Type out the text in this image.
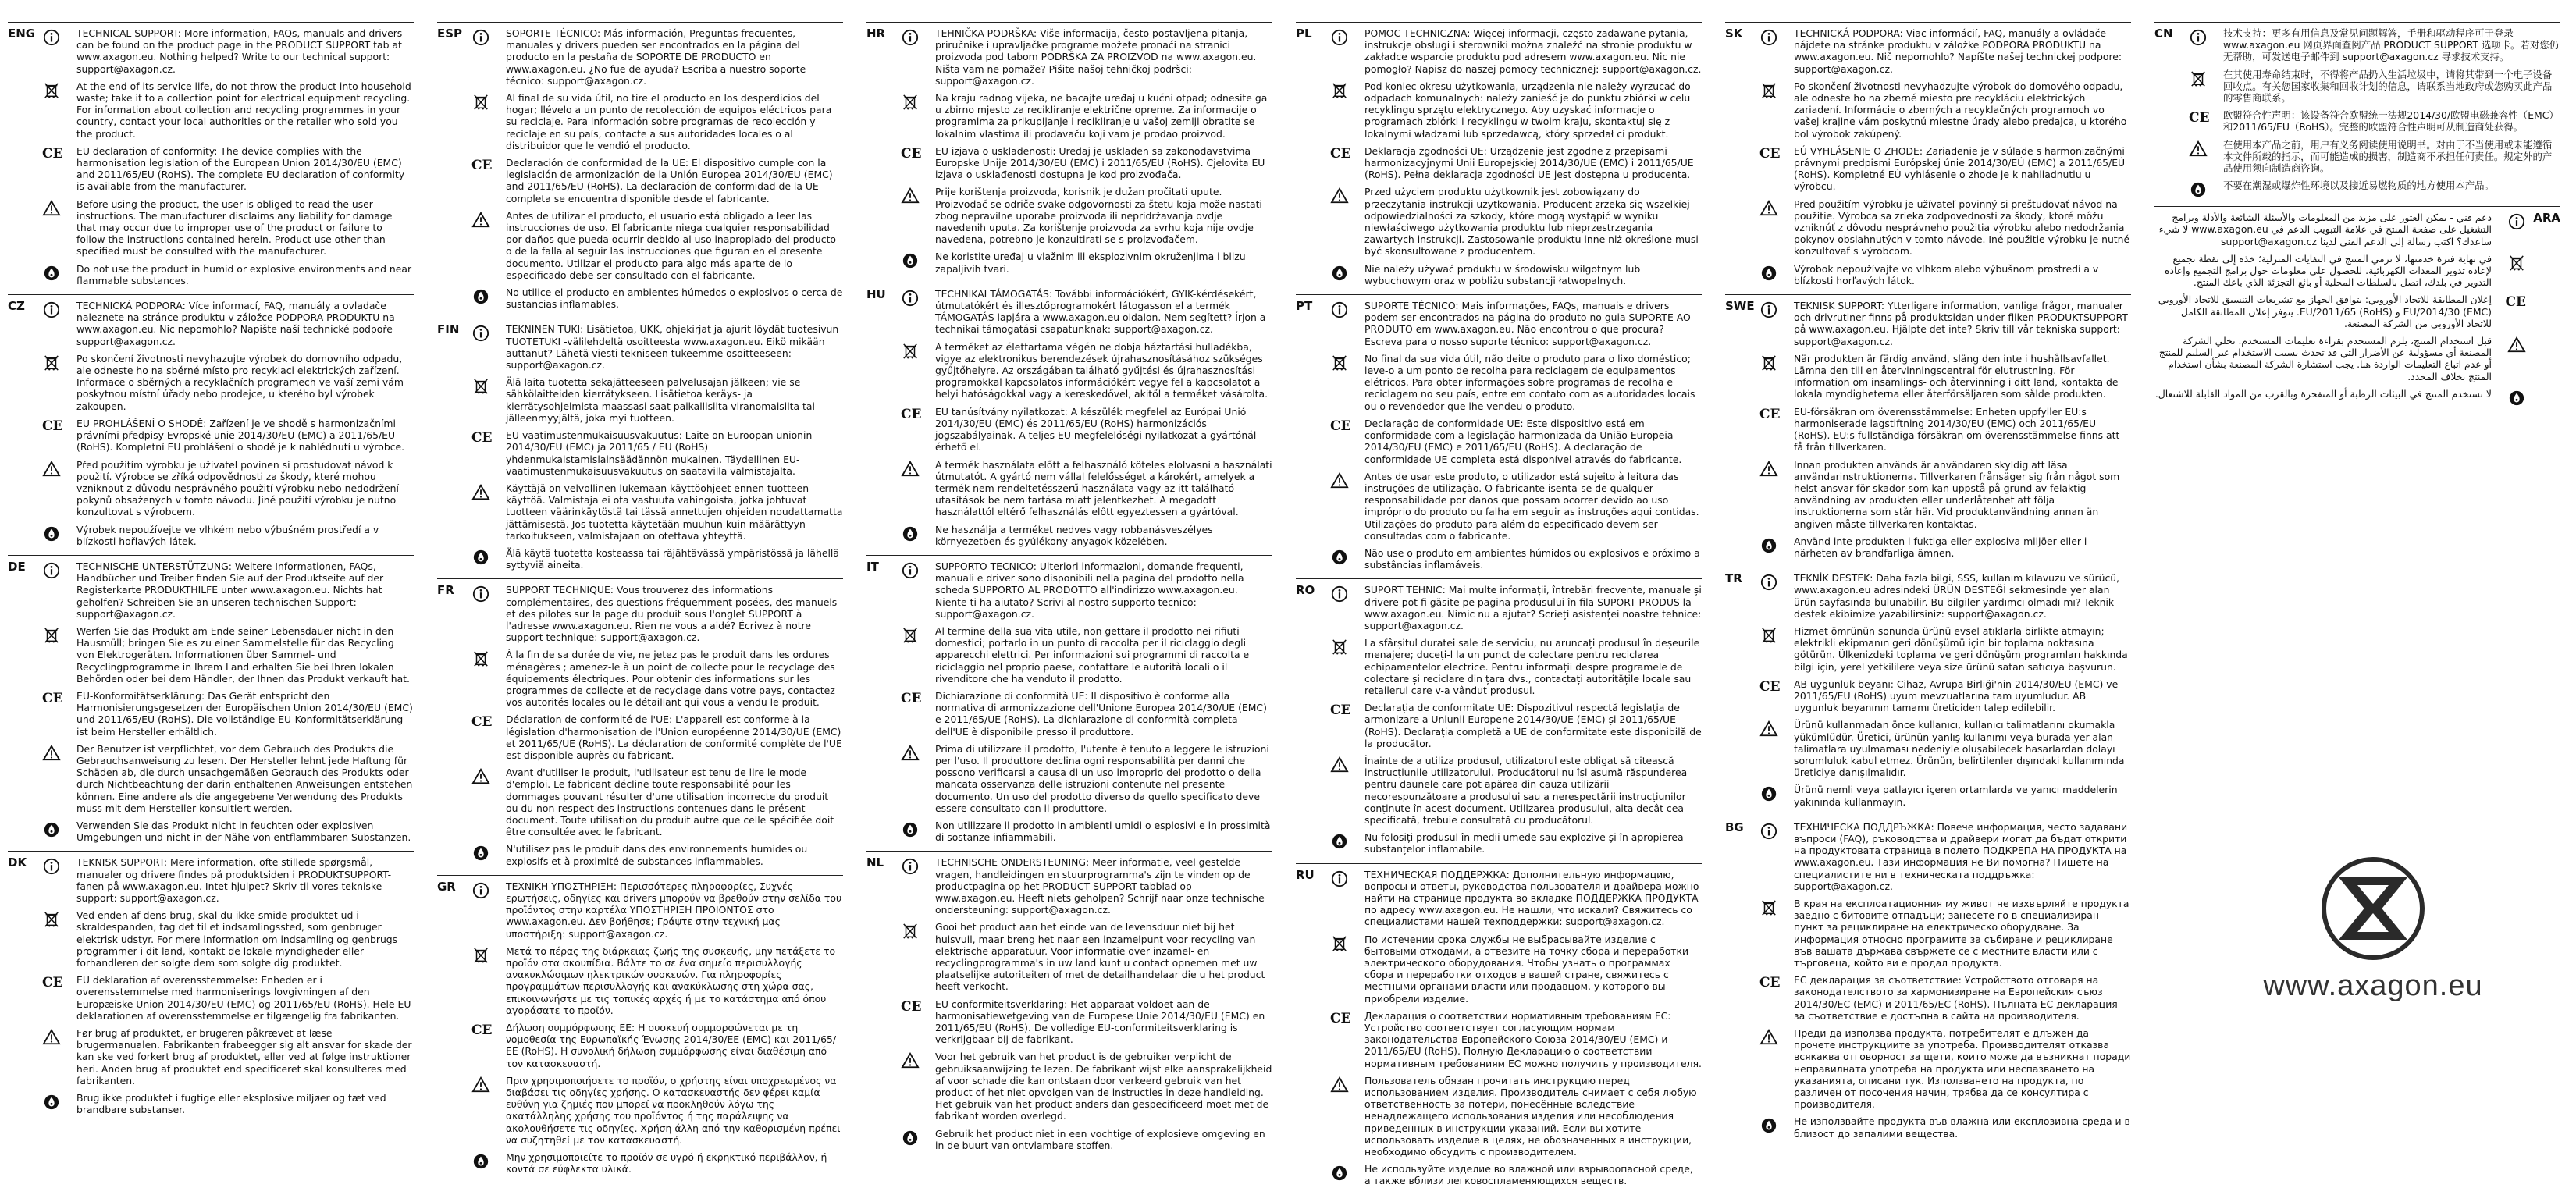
ENG	TECHNICAL SUPPORT: More information, FAQs, manuals and drivers can be found on the product page in the PRODUCT SUPPORT tab at www.axagon.eu. Nothing helped? Write to our technical support: support@axagon.cz.
At the end of its service life, do not throw the product into household waste; take it to a collection point for electrical equipment recycling. For information about collection and recycling programmes in your country, contact your local authorities or the retailer who sold you the product.
CE EU declaration of conformity: The device complies with the harmonisation legislation of the European Union 2014/30/EU (EMC) and 2011/65/EU (RoHS). The complete EU declaration of conformity is available from the manufacturer.
Before using the product, the user is obliged to read the user instructions. The manufacturer disclaims any liability for damage that may occur due to improper use of the product or failure to follow the instructions contained herein. Product use other than specified must be consulted with the manufacturer.
Do not use the product in humid or explosive environments and near flammable substances.
CZ	TECHNICKÁ PODPORA: Více informací, FAQ, manuály a ovladače naleznete na stránce produktu v záložce PODPORA PRODUKTU na www.axagon.eu. Nic nepomohlo? Napište naší technické podpoře support@axagon.cz.
Po skončení životnosti nevyhazujte výrobek do domovního odpadu, ale odneste ho na sběrné místo pro recyklaci elektrických zařízení. Informace o sběrných a recyklačních programech ve vaší zemi vám poskytnou místní úřady nebo prodejce, u kterého byl výrobek zakoupen.
CE EU PROHLÁŠENÍ O SHODĚ: Zařízení je ve shodě s harmonizačními právními předpisy Evropské unie 2014/30/EU (EMC) a 2011/65/EU (RoHS). Kompletní EU prohlášení o shodě je k nahlédnutí u výrobce.
Před použitím výrobku je uživatel povinen si prostudovat návod k použití. Výrobce se zříká odpovědnosti za škody, které mohou vzniknout z důvodu nesprávného použití výrobku nebo nedodržení pokynů obsažených v tomto návodu. Jiné použití výrobku je nutno konzultovat s výrobcem.
Výrobek nepoužívejte ve vlhkém nebo výbušném prostředí a v blízkosti hořlavých látek.
DE	TECHNISCHE UNTERSTÜTZUNG: Weitere Informationen, FAQs, Handbücher und Treiber finden Sie auf der Produktseite auf der Registerkarte PRODUKTHILFE unter www.axagon.eu. Nichts hat geholfen? Schreiben Sie an unseren technischen Support: support@axagon.cz.
Werfen Sie das Produkt am Ende seiner Lebensdauer nicht in den Hausmüll; bringen Sie es zu einer Sammelstelle für das Recycling von Elektrogeräten. Informationen über Sammel- und Recyclingprogramme in Ihrem Land erhalten Sie bei Ihren lokalen Behörden oder bei dem Händler, der Ihnen das Produkt verkauft hat.
CE EU-Konformitätserklärung: Das Gerät entspricht den Harmonisierungsgesetzen der Europäischen Union 2014/30/EU (EMC) und 2011/65/EU (RoHS). Die vollständige EU-Konformitätserklärung ist beim Hersteller erhältlich.
Der Benutzer ist verpflichtet, vor dem Gebrauch des Produkts die Gebrauchsanweisung zu lesen. Der Hersteller lehnt jede Haftung für Schäden ab, die durch unsachgemäßen Gebrauch des Produkts oder durch Nichtbeachtung der darin enthaltenen Anweisungen entstehen können. Eine andere als die angegebene Verwendung des Produkts muss mit dem Hersteller konsultiert werden.
Verwenden Sie das Produkt nicht in feuchten oder explosiven Umgebungen und nicht in der Nähe von entflammbaren Substanzen.
DK	TEKNISK SUPPORT: Mere information, ofte stillede spørgsmål, manualer og drivere findes på produktsiden i PRODUKTSUPPORT-fanen på www.axagon.eu. Intet hjulpet? Skriv til vores tekniske support: support@axagon.cz.
Ved enden af dens brug, skal du ikke smide produktet ud i skraldespanden, tag det til et indsamlingssted, som genbruger elektrisk udstyr. For mere information om indsamling og genbrugs programmer i dit land, kontakt de lokale myndigheder eller forhandleren der solgte dem som solgte dig produktet.
CE EU deklaration af overensstemmelse: Enheden er i overensstemmelse med harmoniserings lovgivningen af den Europæiske Union 2014/30/EU (EMC) og 2011/65/EU (RoHS). Hele EU deklarationen af overensstemmelse er tilgængelig fra fabrikanten.
Før brug af produktet, er brugeren påkrævet at læse brugermanualen. Fabrikanten frabeegger sig alt ansvar for skade der kan ske ved forkert brug af produktet, eller ved at følge instruktioner heri. Anden brug af produktet end specificeret skal konsulteres med fabrikanten.
Brug ikke produktet i fugtige eller eksplosive miljøer og tæt ved brandbare substanser.
ESP	SOPORTE TÉCNICO: Más información, Preguntas frecuentes, manuales y drivers pueden ser encontrados en la página del producto en la pestaña de SOPORTE DE PRODUCTO en www.axagon.eu. ¿No fue de ayuda? Escriba a nuestro soporte técnico: support@axagon.cz.
Al final de su vida útil, no tire el producto en los desperdicios del hogar; llévelo a un punto de recolección de equipos eléctricos para su reciclaje. Para información sobre programas de recolección y reciclaje en su país, contacte a sus autoridades locales o al distribuidor que le vendió el producto.
CE Declaración de conformidad de la UE: El dispositivo cumple con la legislación de armonización de la Unión Europea 2014/30/EU (EMC) and 2011/65/EU (RoHS). La declaración de conformidad de la UE completa se encuentra disponible desde el fabricante.
Antes de utilizar el producto, el usuario está obligado a leer las instrucciones de uso. El fabricante niega cualquier responsabilidad por daños que pueda ocurrir debido al uso inapropiado del producto o de la falla al seguir las instrucciones que figuran en el presente documento. Utilizar el producto para algo más aparte de lo especificado debe ser consultado con el fabricante.
No utilice el producto en ambientes húmedos o explosivos o cerca de sustancias inflamables.
FIN	TEKNINEN TUKI: Lisätietoa, UKK, ohjekirjat ja ajurit löydät tuotesivun TUOTETUKI -välilehdeltä osoitteesta www.axagon.eu. Eikö mikään auttanut? Lähetä viesti tekniseen tukeemme osoitteeseen: support@axagon.cz.
Älä laita tuotetta sekajätteeseen palvelusajan jälkeen; vie se sähkölaitteiden kierrätykseen. Lisätietoa keräys- ja kierrätysohjelmista maassasi saat paikallisilta viranomaisilta tai jälleenmyyjältä, joka myi tuotteen.
CE EU-vaatimustenmukaisuusvakuutus: Laite on Euroopan unionin 2014/30/EU (EMC) ja 2011/65 / EU (RoHS) yhdenmukaistamislainsäädännön mukainen. Täydellinen EU-vaatimustenmukaisuusvakuutus on saatavilla valmistajalta.
Käyttäjä on velvollinen lukemaan käyttöohjeet ennen tuotteen käyttöä. Valmistaja ei ota vastuuta vahingoista, jotka johtuvat tuotteen väärinkäytöstä tai tässä annettujen ohjeiden noudattamatta jättämisestä. Jos tuotetta käytetään muuhun kuin määrättyyn tarkoitukseen, valmistajaan on otettava yhteyttä.
Älä käytä tuotetta kosteassa tai räjähtävässä ympäristössä ja lähellä syttyviä aineita.
FR	SUPPORT TECHNIQUE: Vous trouverez des informations complémentaires, des questions fréquemment posées, des manuels et des pilotes sur la page du produit sous l'onglet SUPPORT à l'adresse www.axagon.eu. Rien ne vous a aidé? Écrivez à notre support technique: support@axagon.cz.
À la fin de sa durée de vie, ne jetez pas le produit dans les ordures ménagères ; amenez-le à un point de collecte pour le recyclage des équipements électriques. Pour obtenir des informations sur les programmes de collecte et de recyclage dans votre pays, contactez vos autorités locales ou le détaillant qui vous a vendu le produit.
CE Déclaration de conformité de l'UE: L'appareil est conforme à la législation d'harmonisation de l'Union européenne 2014/30/UE (EMC) et 2011/65/UE (RoHS). La déclaration de conformité complète de l'UE est disponible auprès du fabricant.
Avant d'utiliser le produit, l'utilisateur est tenu de lire le mode d'emploi. Le fabricant décline toute responsabilité pour les dommages pouvant résulter d'une utilisation incorrecte du produit ou du non-respect des instructions contenues dans le présent document. Toute utilisation du produit autre que celle spécifiée doit être consultée avec le fabricant.
N'utilisez pas le produit dans des environnements humides ou explosifs et à proximité de substances inflammables.
GR	ΤΕΧΝΙΚΗ ΥΠΟΣΤΗΡΙΞΗ: Περισσότερες πληροφορίες, Συχνές ερωτήσεις, οδηγίες και drivers μπορούν να βρεθούν στην σελίδα του προϊόντος στην καρτέλα ΥΠΟΣΤΗΡΙΞΗ ΠΡΟΙΟΝΤΟΣ στο www.axagon.eu. Δεν βοήθησε; Γράψτε στην τεχνική μας υποστήριξη: support@axagon.cz.
Μετά το πέρας της διάρκειας ζωής της συσκευής, μην πετάξετε το προϊόν στα σκουπίδια. Βάλτε το σε ένα σημείο περισυλλογής ανακυκλώσιμων ηλεκτρικών συσκευών. Για πληροφορίες προγραμμάτων περισυλλογής και ανακύκλωσης στη χώρα σας, επικοινωνήστε με τις τοπικές αρχές ή με το κατάστημα από όπου αγοράσατε το προϊόν.
CE Δήλωση συμμόρφωσης ΕΕ: Η συσκευή συμμορφώνεται με τη νομοθεσία της Ευρωπαϊκής Ένωσης 2014/30/ΕΕ (EMC) και 2011/65/ΕΕ (RoHS). Η συνολική δήλωση συμμόρφωσης είναι διαθέσιμη από τον κατασκευαστή.
Πριν χρησιμοποιήσετε το προϊόν, ο χρήστης είναι υποχρεωμένος να διαβάσει τις οδηγίες χρήσης. Ο κατασκευαστής δεν φέρει καμία ευθύνη για ζημιές που μπορεί να προκληθούν λόγω της ακατάλληλης χρήσης του προϊόντος ή της παράλειψης να ακολουθήσετε τις οδηγίες. Χρήση άλλη από την καθορισμένη πρέπει να συζητηθεί με τον κατασκευαστή.
Μην χρησιμοποιείτε το προϊόν σε υγρό ή εκρηκτικό περιβάλλον, ή κοντά σε εύφλεκτα υλικά.
HR	TEHNIČKA PODRŠKA: Više informacija, često postavljena pitanja, priručnike i upravljačke programe možete pronaći na stranici proizvoda pod tabom PODRŠKA ZA PROIZVOD na www.axagon.eu. Ništa vam ne pomaže? Pišite našoj tehničkoj podršci: support@axagon.cz.
Na kraju radnog vijeka, ne bacajte uređaj u kućni otpad; odnesite ga u zbirno mjesto za recikliranje električne opreme. Za informacije o programima za prikupljanje i recikliranje u vašoj zemlji obratite se lokalnim vlastima ili prodavaču koji vam je prodao proizvod.
CE EU izjava o usklađenosti: Uređaj je usklađen sa zakonodavstvima Europske Unije 2014/30/EU (EMC) i 2011/65/EU (RoHS). Cjelovita EU izjava o usklađenosti dostupna je kod proizvođača.
Prije korištenja proizvoda, korisnik je dužan pročitati upute. Proizvođač se odriče svake odgovornosti za štetu koja može nastati zbog nepravilne uporabe proizvoda ili nepridržavanja ovdje navedenih uputa. Za korištenje proizvoda za svrhu koja nije ovdje navedena, potrebno je konzultirati se s proizvođačem.
Ne koristite uređaj u vlažnim ili eksplozivnim okruženjima i blizu zapaljivih tvari.
HU	TECHNIKAI TÁMOGATÁS: További információkért, GYIK-kérdésekért, útmutatókért és illesztőprogramokért látogasson el a termék TÁMOGATÁS lapjára a www.axagon.eu oldalon. Nem segített? Írjon a technikai támogatási csapatunknak: support@axagon.cz.
A terméket az élettartama végén ne dobja háztartási hulladékba, vigye az elektronikus berendezések újrahasznosításához szükséges gyűjtőhelyre. Az országában található gyűjtési és újrahasznosítási programokkal kapcsolatos információkért vegye fel a kapcsolatot a helyi hatóságokkal vagy a kereskedővel, akitől a terméket vásárolta.
CE EU tanúsítvány nyilatkozat: A készülék megfelel az Európai Unió 2014/30/EU (EMC) és 2011/65/EU (RoHS) harmonizációs jogszabályainak. A teljes EU megfelelőségi nyilatkozat a gyártónál érhető el.
A termék használata előtt a felhasználó köteles elolvasni a használati útmutatót. A gyártó nem vállal felelősséget a károkért, amelyek a termék nem rendeltetésszerű használata vagy az itt található utasítások be nem tartása miatt jelentkezhet. A megadott használattól eltérő felhasználás előtt egyeztessen a gyártóval.
Ne használja a terméket nedves vagy robbanásveszélyes környezetben és gyúlékony anyagok közelében.
IT	SUPPORTO TECNICO: Ulteriori informazioni, domande frequenti, manuali e driver sono disponibili nella pagina del prodotto nella scheda SUPPORTO AL PRODOTTO all'indirizzo www.axagon.eu. Niente ti ha aiutato? Scrivi al nostro supporto tecnico: support@axagon.cz.
Al termine della sua vita utile, non gettare il prodotto nei rifiuti domestici; portarlo in un punto di raccolta per il riciclaggio degli apparecchi elettrici. Per informazioni sui programmi di raccolta e riciclaggio nel proprio paese, contattare le autorità locali o il rivenditore che ha venduto il prodotto.
CE Dichiarazione di conformità UE: Il dispositivo è conforme alla normativa di armonizzazione dell'Unione Europea 2014/30/UE (EMC) e 2011/65/UE (RoHS). La dichiarazione di conformità completa dell'UE è disponibile presso il produttore.
Prima di utilizzare il prodotto, l'utente è tenuto a leggere le istruzioni per l'uso. Il produttore declina ogni responsabilità per danni che possono verificarsi a causa di un uso improprio del prodotto o della mancata osservanza delle istruzioni contenute nel presente documento. Un uso del prodotto diverso da quello specificato deve essere consultato con il produttore.
Non utilizzare il prodotto in ambienti umidi o esplosivi e in prossimità di sostanze infiammabili.
NL	TECHNISCHE ONDERSTEUNING: Meer informatie, veel gestelde vragen, handleidingen en stuurprogramma's zijn te vinden op de productpagina op het PRODUCT SUPPORT-tabblad op www.axagon.eu. Heeft niets geholpen? Schrijf naar onze technische ondersteuning: support@axagon.cz.
Gooi het product aan het einde van de levensduur niet bij het huisvuil, maar breng het naar een inzamelpunt voor recycling van elektrische apparatuur. Voor informatie over inzamel- en recyclingprogramma's in uw land kunt u contact opnemen met uw plaatselijke autoriteiten of met de detailhandelaar die u het product heeft verkocht.
CE EU conformiteitsverklaring: Het apparaat voldoet aan de harmonisatiewetgeving van de Europese Unie 2014/30/EU (EMC) en 2011/65/EU (RoHS). De volledige EU-conformiteitsverklaring is verkrijgbaar bij de fabrikant.
Voor het gebruik van het product is de gebruiker verplicht de gebruiksaanwijzing te lezen. De fabrikant wijst elke aansprakelijkheid af voor schade die kan ontstaan door verkeerd gebruik van het product of het niet opvolgen van de instructies in deze handleiding. Het gebruik van het product anders dan gespecificeerd moet met de fabrikant worden overlegd.
Gebruik het product niet in een vochtige of explosieve omgeving en in de buurt van ontvlambare stoffen.
PL	POMOC TECHNICZNA: Więcej informacji, często zadawane pytania, instrukcje obsługi i sterowniki można znaleźć na stronie produktu w zakładce wsparcie produktu pod adresem www.axagon.eu. Nic nie pomogło? Napisz do naszej pomocy technicznej: support@axagon.cz.
Pod koniec okresu użytkowania, urządzenia nie należy wyrzucać do odpadach komunalnych: należy zanieść je do punktu zbiórki w celu recyklingu sprzętu elektrycznego. Aby uzyskać informacje o programach zbiórki i recyklingu w twoim kraju, skontaktuj się z lokalnymi władzami lub sprzedawcą, który sprzedał ci produkt.
CE Deklaracja zgodności UE: Urządzenie jest zgodne z przepisami harmonizacyjnymi Unii Europejskiej 2014/30/UE (EMC) i 2011/65/UE (RoHS). Pełna deklaracja zgodności UE jest dostępna u producenta.
Przed użyciem produktu użytkownik jest zobowiązany do przeczytania instrukcji użytkowania. Producent zrzeka się wszelkiej odpowiedzialności za szkody, które mogą wystąpić w wyniku niewłaściwego użytkowania produktu lub nieprzestrzegania zawartych instrukcji. Zastosowanie produktu inne niż określone musi być skonsultowane z producentem.
Nie należy używać produktu w środowisku wilgotnym lub wybuchowym oraz w pobliżu substancji łatwopalnych.
PT	SUPORTE TÉCNICO: Mais informações, FAQs, manuais e drivers podem ser encontrados na página do produto no guia SUPORTE AO PRODUTO em www.axagon.eu. Não encontrou o que procura? Escreva para o nosso suporte técnico: support@axagon.cz.
No final da sua vida útil, não deite o produto para o lixo doméstico; leve-o a um ponto de recolha para reciclagem de equipamentos elétricos. Para obter informações sobre programas de recolha e reciclagem no seu país, entre em contato com as autoridades locais ou o revendedor que lhe vendeu o produto.
CE Declaração de conformidade UE: Este dispositivo está em conformidade com a legislação harmonizada da União Europeia 2014/30/EU (EMC) e 2011/65/EU (RoHS). A declaração de conformidade UE completa está disponível através do fabricante.
Antes de usar este produto, o utilizador está sujeito à leitura das instruções de utilização. O fabricante isenta-se de qualquer responsabilidade por danos que possam ocorrer devido ao uso impróprio do produto ou falha em seguir as instruções aqui contidas. Utilizações do produto para além do especificado devem ser consultadas com o fabricante.
Não use o produto em ambientes húmidos ou explosivos e próximo a substâncias inflamáveis.
RO	SUPORT TEHNIC: Mai multe informații, întrebări frecvente, manuale și drivere pot fi găsite pe pagina produsului în fila SUPORT PRODUS la www.axagon.eu. Nimic nu a ajutat? Scrieți asistenței noastre tehnice: support@axagon.cz.
La sfârșitul duratei sale de serviciu, nu aruncați produsul în deșeurile menajere; duceți-l la un punct de colectare pentru reciclarea echipamentelor electrice. Pentru informații despre programele de colectare și reciclare din țara dvs., contactați autoritățile locale sau retailerul care v-a vândut produsul.
CE Declarația de conformitate UE: Dispozitivul respectă legislația de armonizare a Uniunii Europene 2014/30/UE (EMC) și 2011/65/UE (RoHS). Declarația completă a UE de conformitate este disponibilă de la producător.
Înainte de a utiliza produsul, utilizatorul este obligat să citească instrucțiunile utilizatorului. Producătorul nu își asumă răspunderea pentru daunele care pot apărea din cauza utilizării necorespunzătoare a produsului sau a nerespectării instrucțiunilor conținute în acest document. Utilizarea produsului, alta decât cea specificată, trebuie consultată cu producătorul.
Nu folosiți produsul în medii umede sau explozive și în apropierea substanțelor inflamabile.
RU	ТЕХНИЧЕСКАЯ ПОДДЕРЖКА: Дополнительную информацию, вопросы и ответы, руководства пользователя и драйвера можно найти на странице продукта во вкладке ПОДДЕРЖКА ПРОДУКТА по адресу www.axagon.eu. Не нашли, что искали? Свяжитесь со специалистами нашей техподдержки: support@axagon.cz.
По истечении срока службы не выбрасывайте изделие с бытовыми отходами, а отвезите на точку сбора и переработки электрического оборудования. Чтобы узнать о программах сбора и переработки отходов в вашей стране, свяжитесь с местными органами власти или продавцом, у которого вы приобрели изделие.
CE Декларация о соответствии нормативным требованиям ЕС: Устройство соответствует согласующим нормам законодательства Европейского Союза 2014/30/EU (EMC) и 2011/65/EU (RoHS). Полную Декларацию о соответствии нормативным требованиям ЕС можно получить у производителя.
Пользователь обязан прочитать инструкцию перед использованием изделия. Производитель снимает с себя любую ответственность за потери, понесённые вследствие ненадлежащего использования изделия или несоблюдения приведенных в инструкции указаний. Если вы хотите использовать изделие в целях, не обозначенных в инструкции, необходимо обсудить с производителем.
Не используйте изделие во влажной или взрывоопасной среде, а также вблизи легковоспламеняющихся веществ.
SK	TECHNICKÁ PODPORA: Viac informácií, FAQ, manuály a ovládače nájdete na stránke produktu v záložke PODPORA PRODUKTU na www.axagon.eu. Nič nepomohlo? Napíšte našej technickej podpore: support@axagon.cz.
Po skončení životnosti nevyhadzujte výrobok do domového odpadu, ale odneste ho na zberné miesto pre recykláciu elektrických zariadení. Informácie o zberných a recyklačných programoch vo vašej krajine vám poskytnú miestne úrady alebo predajca, u ktorého bol výrobok zakúpený.
CE EÚ VYHLÁSENIE O ZHODE: Zariadenie je v súlade s harmonizačnými právnymi predpismi Európskej únie 2014/30/EÚ (EMC) a 2011/65/EÚ (RoHS). Kompletné EÚ vyhlásenie o zhode je k nahliadnutiu u výrobcu.
Pred použitím výrobku je užívateľ povinný si preštudovať návod na použitie. Výrobca sa zrieka zodpovednosti za škody, ktoré môžu vzniknúť z dôvodu nesprávneho použitia výrobku alebo nedodržania pokynov obsiahnutých v tomto návode. Iné použitie výrobku je nutné konzultovať s výrobcom.
Výrobok nepoužívajte vo vlhkom alebo výbušnom prostredí a v blízkosti horľavých látok.
SWE	TEKNISK SUPPORT: Ytterligare information, vanliga frågor, manualer och drivrutiner finns på produktsidan under fliken PRODUKTSUPPORT på www.axagon.eu. Hjälpte det inte? Skriv till vår tekniska support: support@axagon.cz.
När produkten är färdig använd, släng den inte i hushållsavfallet. Lämna den till en återvinningscentral för elutrustning. För information om insamlings- och återvinning i ditt land, kontakta de lokala myndigheterna eller återförsäljaren som sålde produkten.
CE EU-försäkran om överensstämmelse: Enheten uppfyller EU:s harmoniserade lagstiftning 2014/30/EU (EMC) och 2011/65/EU (RoHS). EU:s fullständiga försäkran om överensstämmelse finns att få från tillverkaren.
Innan produkten används är användaren skyldig att läsa användarinstruktionerna. Tillverkaren frånsäger sig från något som helst ansvar för skador som kan uppstå på grund av felaktig användning av produkten eller underlåtenhet att följa instruktionerna som står här. Vid produktanvändning annan än angiven måste tillverkaren kontaktas.
Använd inte produkten i fuktiga eller explosiva miljöer eller i närheten av brandfarliga ämnen.
TR	TEKNİK DESTEK: Daha fazla bilgi, SSS, kullanım kılavuzu ve sürücü, www.axagon.eu adresindeki ÜRÜN DESTEĞİ sekmesinde yer alan ürün sayfasında bulunabilir. Bu bilgiler yardımcı olmadı mı? Teknik destek ekibimize yazabilirsiniz: support@axagon.cz.
Hizmet ömrünün sonunda ürünü evsel atıklarla birlikte atmayın; elektrikli ekipmanın geri dönüşümü için bir toplama noktasına götürün. Ülkenizdeki toplama ve geri dönüşüm programları hakkında bilgi için, yerel yetkililere veya size ürünü satan satıcıya başvurun.
CE AB uygunluk beyanı: Cihaz, Avrupa Birliği'nin 2014/30/EU (EMC) ve 2011/65/EU (RoHS) uyum mevzuatlarına tam uyumludur. AB uygunluk beyanının tamamı üreticiden talep edilebilir.
Ürünü kullanmadan önce kullanıcı, kullanıcı talimatlarını okumakla yükümlüdür. Üretici, ürünün yanlış kullanımı veya burada yer alan talimatlara uyulmaması nedeniyle oluşabilecek hasarlardan dolayı sorumluluk kabul etmez. Ürünün, belirtilenler dışındaki kullanımında üreticiye danışılmalıdır.
Ürünü nemli veya patlayıcı içeren ortamlarda ve yanıcı maddelerin yakınında kullanmayın.
BG	ТЕХНИЧЕСКА ПОДДРЪЖКА: Повече информация, често задавани въпроси (FAQ), ръководства и драйвери могат да бъдат открити на продуктовата страница в полето ПОДКРЕПА НА ПРОДУКТА на www.axagon.eu. Тази информация не Ви помогна? Пишете на специалистите ни в техническата поддръжка: support@axagon.cz.
В края на експлоатационния му живот не изхвърляйте продукта заедно с битовите отпадъци; занесете го в специализиран пункт за рециклиране на електрическо оборудване. За информация относно програмите за събиране и рециклиране във вашата държава свържете се с местните власти или с търговеца, който ви е продал продукта.
CE ЕС декларация за съответствие: Устройството отговаря на законодателството за хармонизиране на Европейския съюз 2014/30/EC (EMC) и 2011/65/EC (RoHS). Пълната ЕС декларация за съответствие е достъпна в сайта на производителя.
Преди да използва продукта, потребителят е длъжен да прочете инструкциите за употреба. Производителят отказва всякаква отговорност за щети, които може да възникнат поради неправилната употреба на продукта или неспазването на указанията, описани тук. Използването на продукта, по различен от посочения начин, трябва да се консултира с производителя.
Не използвайте продукта във влажна или експлозивна среда и в близост до запалими вещества.
CN	技术支持：更多有用信息及常见问题解答，手册和驱动程序可于登录 www.axagon.eu 网页界面查阅产品 PRODUCT SUPPORT 选项卡。若对您仍无帮助，可发送电子邮件到 support@axagon.cz 寻求技术支持。
在其使用寿命结束时，不得将产品扔入生活垃圾中，请将其带到一个电子设备回收点。有关您国家收集和回收计划的信息，请联系当地政府或您购买此产品的零售商联系。
CE 欧盟符合性声明：该设备符合欧盟统一法规2014/30/欧盟电磁兼容性（EMC）和2011/65/EU（RoHS）。完整的欧盟符合性声明可从制造商处获得。
在使用本产品之前，用户有义务阅读使用说明书。对由于不当使用或未能遵循本文件所载的指示，而可能造成的损害，制造商不承担任何责任。规定外的产品使用须向制造商咨询。
不要在潮湿或爆炸性环境以及接近易燃物质的地方使用本产品。
ARA
دعم فني - يمكن العثور على مزيد من المعلومات والأسئلة الشائعة والأدلة وبرامج التشغيل على صفحة المنتج في علامة التبويب الدعم في www.axagon.eu لا شيء ساعدك؟ اكتب رسالة إلى الدعم الفني لدينا support@axagon.cz
في نهاية فترة خدمتها، لا ترمي المنتج في النفايات المنزلية؛ خذه إلى نقطة تجميع لإعادة تدوير المعدات الكهربائية. للحصول على معلومات حول برامج التجميع وإعادة التدوير في بلدك، اتصل بالسلطات المحلية أو بائع التجزئة الذي باعك المنتج.
CE
إعلان المطابقة للاتحاد الأوروبي: يتوافق الجهاز مع تشريعات التنسيق للاتحاد الأوروبي EU/2014/30 (EMC) و EU/2011/65 (RoHS). يتوفر إعلان المطابقة الكامل للاتحاد الأوروبي من الشركة المصنعة.
قبل استخدام المنتج، يلزم المستخدم بقراءة تعليمات المستخدم. تخلي الشركة المصنعة أي مسؤولية عن الأضرار التي قد تحدث بسبب الاستخدام غير السليم للمنتج أو عدم اتباع التعليمات الواردة هنا. يجب استشارة الشركة المصنعة بشأن استخدام المنتج بخلاف المحدد.
لا تستخدم المنتج في البيئات الرطبة أو المتفجرة وبالقرب من المواد القابلة للاشتعال.
www.axagon.eu
